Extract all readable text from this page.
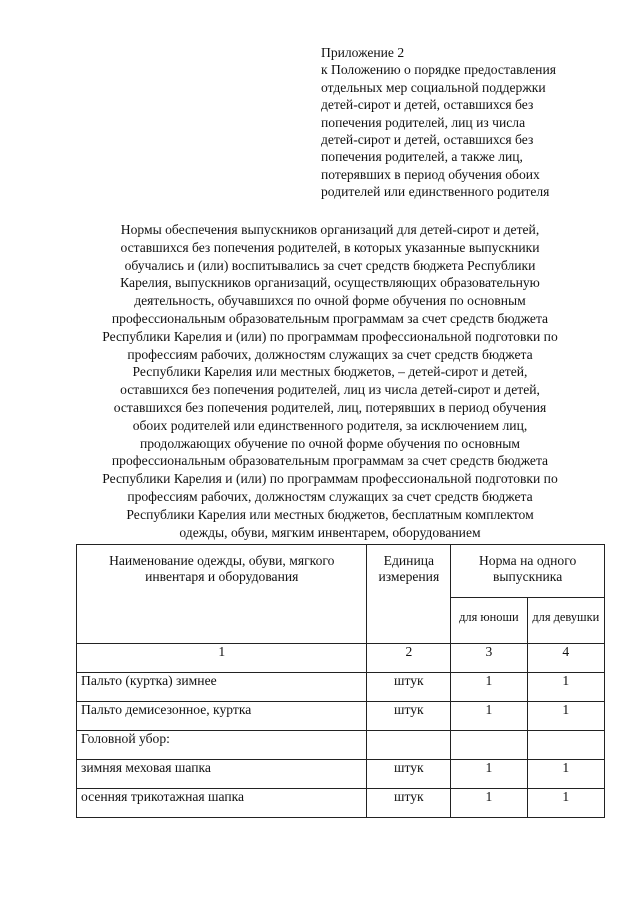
Приложение 2
к Положению о порядке предоставления
отдельных мер социальной поддержки
детей-сирот и детей, оставшихся без
попечения родителей, лиц из числа
детей-сирот и детей, оставшихся без
попечения родителей, а также лиц,
потерявших в период обучения обоих
родителей или единственного родителя
Нормы обеспечения выпускников организаций для детей-сирот и детей,
оставшихся без попечения родителей, в которых указанные выпускники
обучались и (или) воспитывались за счет средств бюджета Республики
Карелия, выпускников организаций, осуществляющих образовательную
деятельность, обучавшихся по очной форме обучения по основным
профессиональным образовательным программам за счет средств бюджета
Республики Карелия и (или) по программам профессиональной подготовки по
профессиям рабочих, должностям служащих за счет средств бюджета
Республики Карелия или местных бюджетов, – детей-сирот и детей,
оставшихся без попечения родителей, лиц из числа детей-сирот и детей,
оставшихся без попечения родителей, лиц, потерявших в период обучения
обоих родителей или единственного родителя, за исключением лиц,
продолжающих обучение по очной форме обучения по основным
профессиональным образовательным программам за счет средств бюджета
Республики Карелия и (или) по программам профессиональной подготовки по
профессиям рабочих, должностям служащих за счет средств бюджета
Республики Карелия или местных бюджетов, бесплатным комплектом
одежды, обуви, мягким инвентарем, оборудованием
Наименование одежды, обуви, мягкого инвентаря и оборудования	Единица измерения	Норма на одного выпускника	
		для юноши	для девушки
1	2	3	4
Пальто (куртка) зимнее	штук	1	1
Пальто демисезонное, куртка	штук	1	1
Головной убор:			
зимняя меховая шапка	штук	1	1
осенняя трикотажная шапка	штук	1	1
